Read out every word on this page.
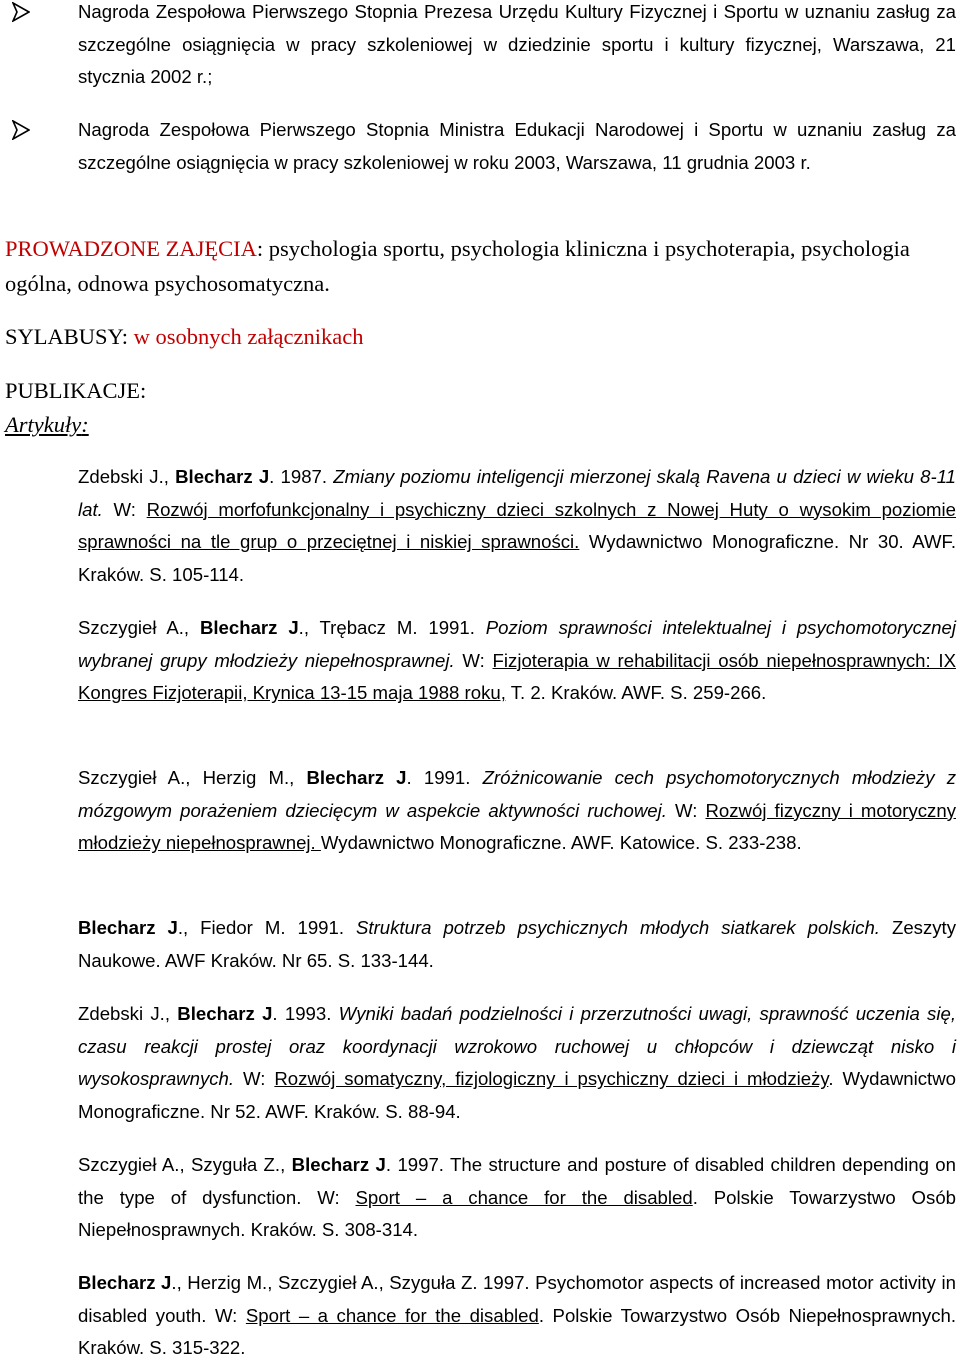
Nagroda Zespołowa Pierwszego Stopnia Prezesa Urzędu Kultury Fizycznej i Sportu w uznaniu zasług za szczególne osiągnięcia w pracy szkoleniowej w dziedzinie sportu i kultury fizycznej, Warszawa, 21 stycznia 2002 r.;
Nagroda Zespołowa Pierwszego Stopnia Ministra Edukacji Narodowej i Sportu w uznaniu zasług za szczególne osiągnięcia w pracy szkoleniowej w roku 2003, Warszawa, 11 grudnia 2003 r.
PROWADZONE ZAJĘCIA: psychologia sportu, psychologia kliniczna i psychoterapia, psychologia ogólna, odnowa psychosomatyczna.
SYLABUSY: w osobnych załącznikach
PUBLIKACJE:
Artykuły:
Zdebski J., Blecharz J. 1987. Zmiany poziomu inteligencji mierzonej skalą Ravena u dzieci w wieku 8-11 lat. W: Rozwój morfofunkcjonalny i psychiczny dzieci szkolnych z Nowej Huty o wysokim poziomie sprawności na tle grup o przeciętnej i niskiej sprawności. Wydawnictwo Monograficzne. Nr 30. AWF. Kraków. S. 105-114.
Szczygieł A., Blecharz J., Trębacz M. 1991. Poziom sprawności intelektualnej i psychomotorycznej wybranej grupy młodzieży niepełnosprawnej. W: Fizjoterapia w rehabilitacji osób niepełnosprawnych: IX Kongres Fizjoterapii, Krynica 13-15 maja 1988 roku, T. 2. Kraków. AWF. S. 259-266.
Szczygieł A., Herzig M., Blecharz J. 1991. Zróżnicowanie cech psychomotorycznych młodzieży z mózgowym porażeniem dziecięcym w aspekcie aktywności ruchowej. W: Rozwój fizyczny i motoryczny młodzieży niepełnosprawnej. Wydawnictwo Monograficzne. AWF. Katowice. S. 233-238.
Blecharz J., Fiedor M. 1991. Struktura potrzeb psychicznych młodych siatkarek polskich. Zeszyty Naukowe. AWF Kraków. Nr 65. S. 133-144.
Zdebski J., Blecharz J. 1993. Wyniki badań podzielności i przerzutności uwagi, sprawność uczenia się, czasu reakcji prostej oraz koordynacji wzrokowo ruchowej u chłopców i dziewcząt nisko i wysokosprawnych. W: Rozwój somatyczny, fizjologiczny i psychiczny dzieci i młodzieży. Wydawnictwo Monograficzne. Nr 52. AWF. Kraków. S. 88-94.
Szczygieł A., Szyguła Z., Blecharz J. 1997. The structure and posture of disabled children depending on the type of dysfunction. W: Sport – a chance for the disabled. Polskie Towarzystwo Osób Niepełnosprawnych. Kraków. S. 308-314.
Blecharz J., Herzig M., Szczygieł A., Szyguła Z. 1997. Psychomotor aspects of increased motor activity in disabled youth. W: Sport – a chance for the disabled. Polskie Towarzystwo Osób Niepełnosprawnych. Kraków. S. 315-322.
